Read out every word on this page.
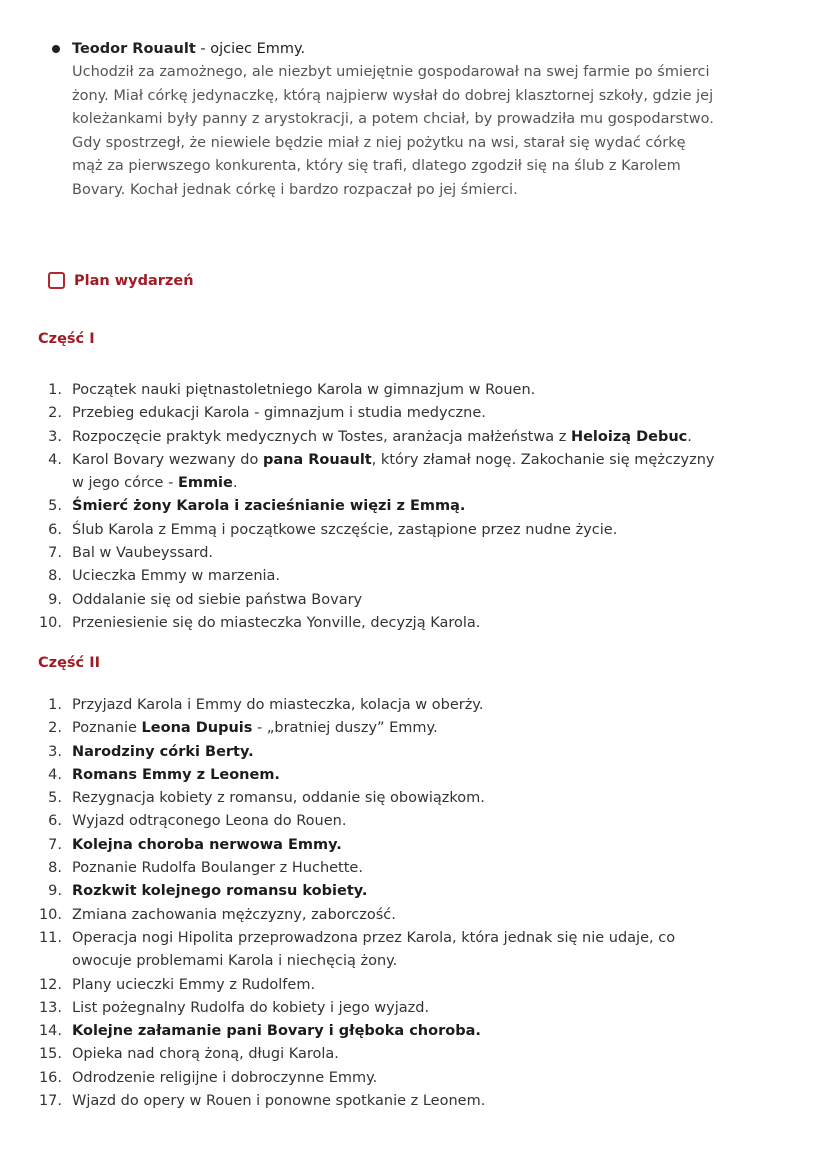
Teodor Rouault - ojciec Emmy.
Uchodził za zamożnego, ale niezbyt umiejętnie gospodarował na swej farmie po śmierci
żony. Miał córkę jedynaczkę, którą najpierw wysłał do dobrej klasztornej szkoły, gdzie jej
koleżankami były panny z arystokracji, a potem chciał, by prowadziła mu gospodarstwo.
Gdy spostrzegł, że niewiele będzie miał z niej pożytku na wsi, starał się wydać córkę
mąż za pierwszego konkurenta, który się trafi, dlatego zgodził się na ślub z Karolem
Bovary. Kochał jednak córkę i bardzo rozpaczał po jej śmierci.
Plan wydarzeń
Część I
1. Początek nauki piętnastoletniego Karola w gimnazjum w Rouen.
2. Przebieg edukacji Karola - gimnazjum i studia medyczne.
3. Rozpoczęcie praktyk medycznych w Tostes, aranżacja małżeństwa z Heloizą Debuc.
4. Karol Bovary wezwany do pana Rouault, który złamał nogę. Zakochanie się mężczyzny
w jego córce - Emmie.
5. Śmierć żony Karola i zacieśnianie więzi z Emmą.
6. Ślub Karola z Emmą i początkowe szczęście, zastąpione przez nudne życie.
7. Bal w Vaubeyssard.
8. Ucieczka Emmy w marzenia.
9. Oddalanie się od siebie państwa Bovary
10. Przeniesienie się do miasteczka Yonville, decyzją Karola.
Część II
1. Przyjazd Karola i Emmy do miasteczka, kolacja w oberży.
2. Poznanie Leona Dupuis - „bratniej duszy” Emmy.
3. Narodziny córki Berty.
4. Romans Emmy z Leonem.
5. Rezygnacja kobiety z romansu, oddanie się obowiązkom.
6. Wyjazd odtrąconego Leona do Rouen.
7. Kolejna choroba nerwowa Emmy.
8. Poznanie Rudolfa Boulanger z Huchette.
9. Rozkwit kolejnego romansu kobiety.
10. Zmiana zachowania mężczyzny, zaborczość.
11. Operacja nogi Hipolita przeprowadzona przez Karola, która jednak się nie udaje, co
owocuje problemami Karola i niechęcią żony.
12. Plany ucieczki Emmy z Rudolfem.
13. List pożegnalny Rudolfa do kobiety i jego wyjazd.
14. Kolejne załamanie pani Bovary i głęboka choroba.
15. Opieka nad chorą żoną, długi Karola.
16. Odrodzenie religijne i dobroczynne Emmy.
17. Wjazd do opery w Rouen i ponowne spotkanie z Leonem.
